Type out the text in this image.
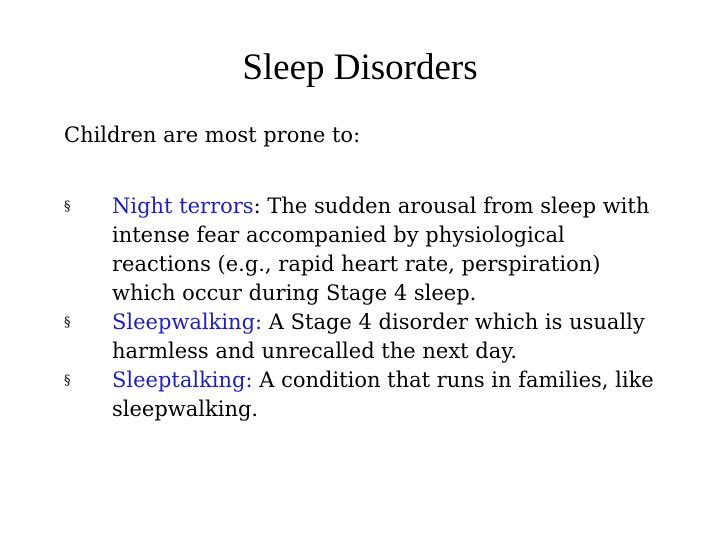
Sleep Disorders

Children are most prone to:

§ Night terrors: The sudden arousal from sleep with intense fear accompanied by physiological reactions (e.g., rapid heart rate, perspiration) which occur during Stage 4 sleep.
§ Sleepwalking: A Stage 4 disorder which is usually harmless and unrecalled the next day.
§ Sleeptalking: A condition that runs in families, like sleepwalking.
